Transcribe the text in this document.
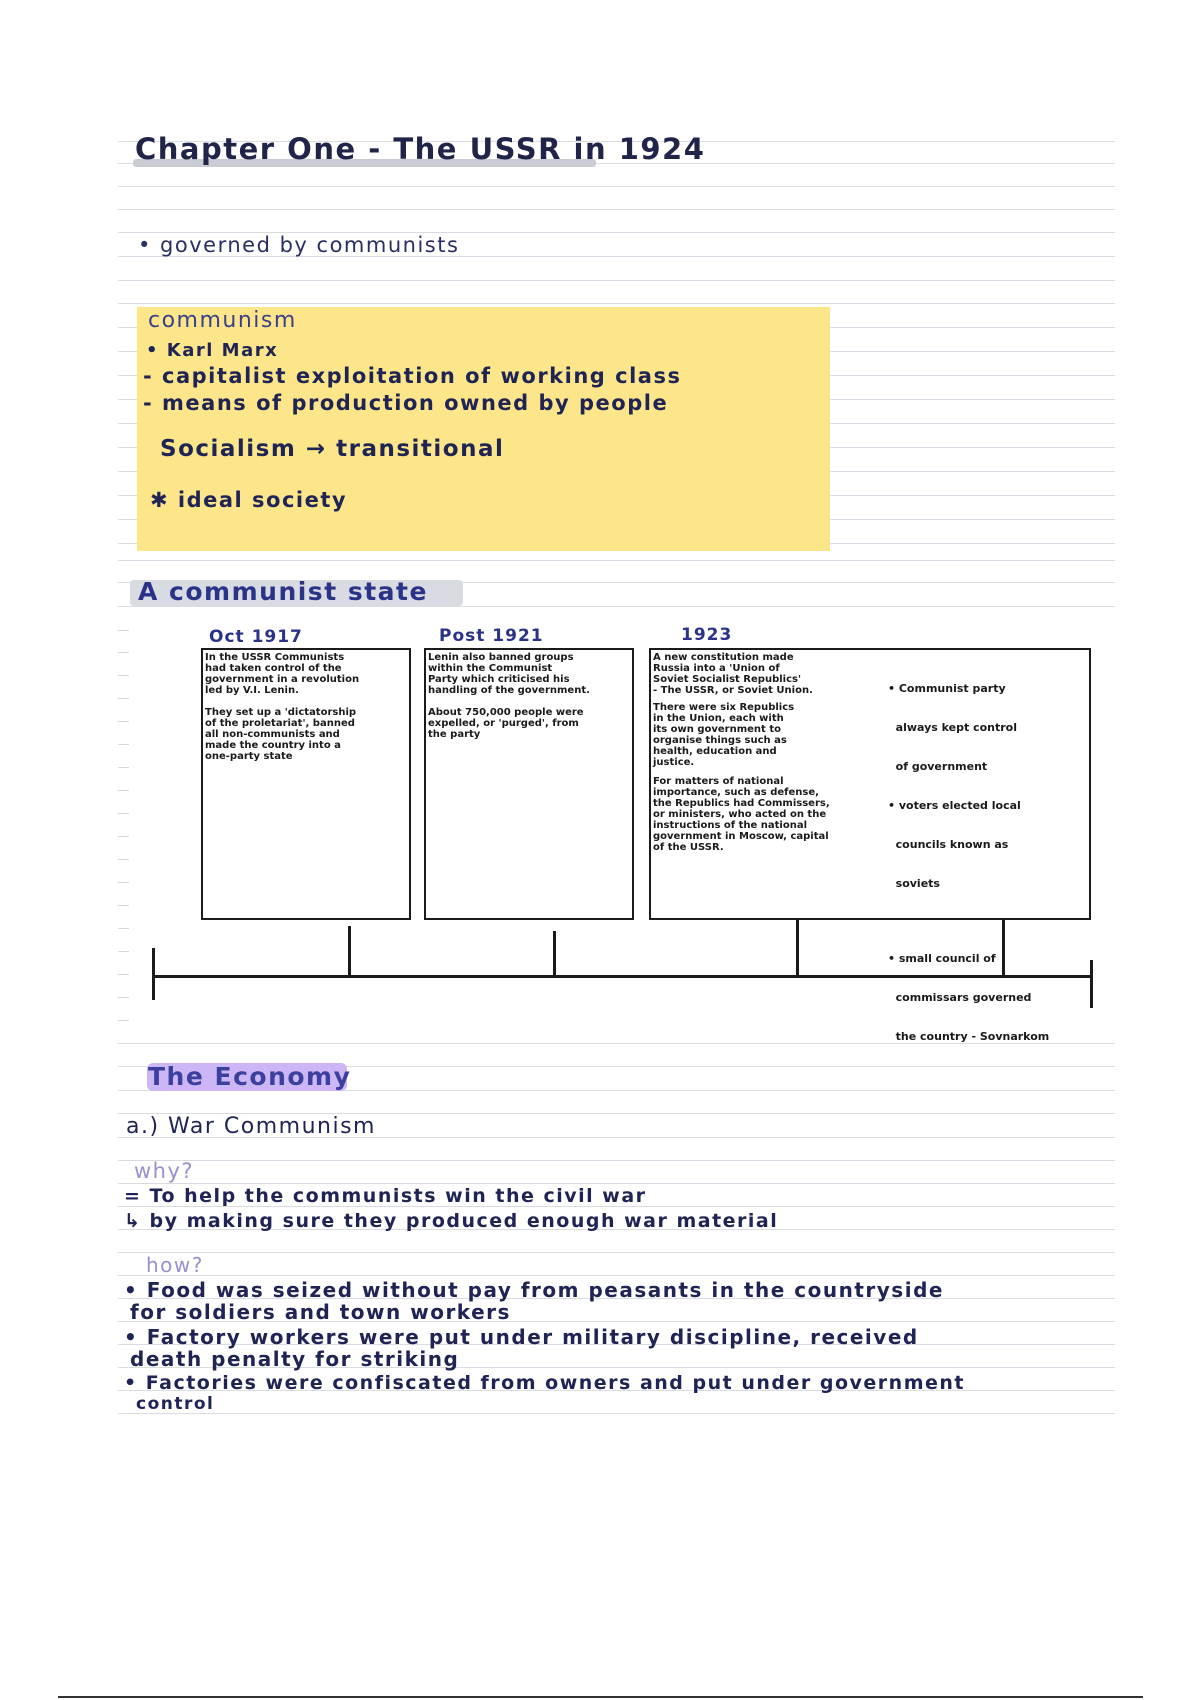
Chapter One - The USSR in 1924
• governed by communists
communism
• Karl Marx
- capitalist exploitation of working class
- means of production owned by people
Socialism → transitional
✱ ideal society
A communist state
Oct 1917	Post 1921	1923
In the USSR Communists
had taken control of the
government in a revolution
led by V.I. Lenin.
They set up a 'dictatorship
of the proletariat', banned
all non-communists and
made the country into a
one-party state
Lenin also banned groups
within the Communist
Party which criticised his
handling of the government.
About 750,000 people were
expelled, or 'purged', from
the party
A new constitution made
Russia into a 'Union of
Soviet Socialist Republics'
- The USSR, or Soviet Union.
There were six Republics
in the Union, each with
its own government to
organise things such as
health, education and
justice.
For matters of national
importance, such as defense,
the Republics had Commissers,
or ministers, who acted on the
instructions of the national
government in Moscow, capital
of the USSR.

• Communist party

always kept control

of government

• voters elected local

councils known as

soviets

• small council of

commissars governed

the country - Sovnarkom

The Economy
a.) War Communism
why?
= To help the communists win the civil war
↳ by making sure they produced enough war material
how?
• Food was seized without pay from peasants in the countryside
for soldiers and town workers
• Factory workers were put under military discipline, received
death penalty for striking
• Factories were confiscated from owners and put under government
control
